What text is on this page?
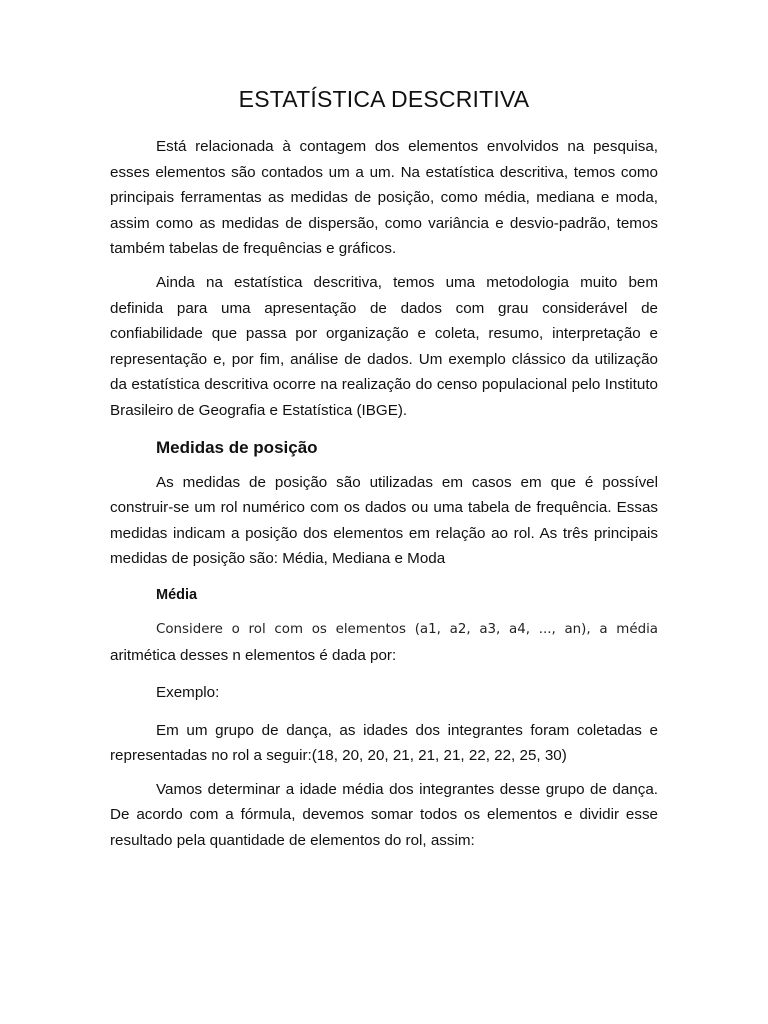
ESTATÍSTICA DESCRITIVA

Está relacionada à contagem dos elementos envolvidos na pesquisa, esses elementos são contados um a um. Na estatística descritiva, temos como principais ferramentas as medidas de posição, como média, mediana e moda, assim como as medidas de dispersão, como variância e desvio-padrão, temos também tabelas de frequências e gráficos.

Ainda na estatística descritiva, temos uma metodologia muito bem definida para uma apresentação de dados com grau considerável de confiabilidade que passa por organização e coleta, resumo, interpretação e representação e, por fim, análise de dados. Um exemplo clássico da utilização da estatística descritiva ocorre na realização do censo populacional pelo Instituto Brasileiro de Geografia e Estatística (IBGE).

Medidas de posição

As medidas de posição são utilizadas em casos em que é possível construir-se um rol numérico com os dados ou uma tabela de frequência. Essas medidas indicam a posição dos elementos em relação ao rol. As três principais medidas de posição são: Média, Mediana e Moda

Média

Considere o rol com os elementos (a1, a2, a3, a4, ..., an), a média aritmética desses n elementos é dada por:

Exemplo:

Em um grupo de dança, as idades dos integrantes foram coletadas e representadas no rol a seguir:(18, 20, 20, 21, 21, 21, 22, 22, 25, 30)

Vamos determinar a idade média dos integrantes desse grupo de dança. De acordo com a fórmula, devemos somar todos os elementos e dividir esse resultado pela quantidade de elementos do rol, assim:
